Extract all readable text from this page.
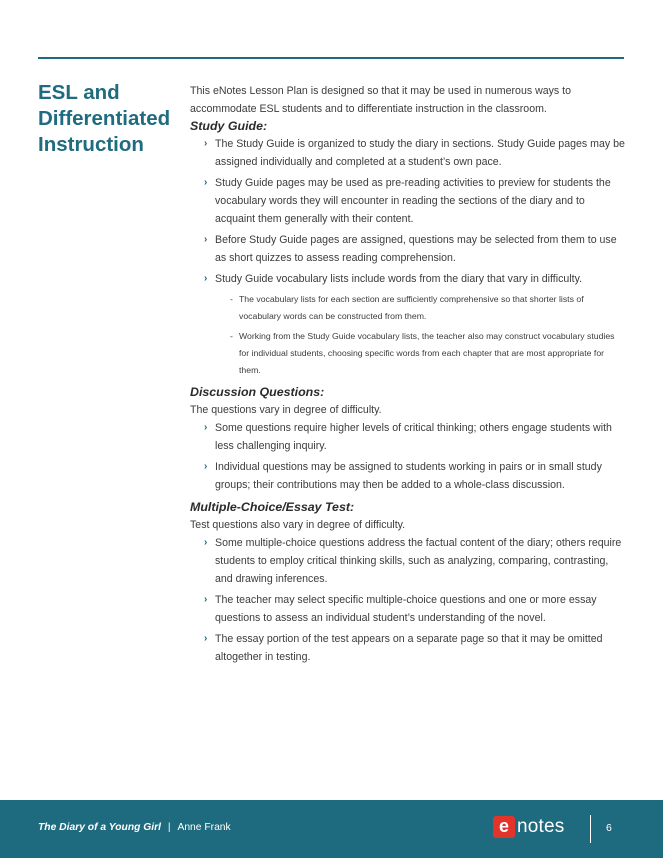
ESL and
Differentiated
Instruction

This eNotes Lesson Plan is designed so that it may be used in numerous ways to accommodate ESL students and to differentiate instruction in the classroom.

Study Guide:

› The Study Guide is organized to study the diary in sections. Study Guide pages may be assigned individually and completed at a student’s own pace.
› Study Guide pages may be used as pre-reading activities to preview for students the vocabulary words they will encounter in reading the sections of the diary and to acquaint them generally with their content.
› Before Study Guide pages are assigned, questions may be selected from them to use as short quizzes to assess reading comprehension.
› Study Guide vocabulary lists include words from the diary that vary in difficulty.
- The vocabulary lists for each section are sufficiently comprehensive so that shorter lists of vocabulary words can be constructed from them.
- Working from the Study Guide vocabulary lists, the teacher also may construct vocabulary studies for individual students, choosing specific words from each chapter that are most appropriate for them.

Discussion Questions:

The questions vary in degree of difficulty.

› Some questions require higher levels of critical thinking; others engage students with less challenging inquiry.
› Individual questions may be assigned to students working in pairs or in small study groups; their contributions may then be added to a whole-class discussion.

Multiple-Choice/Essay Test:

Test questions also vary in degree of difficulty.

› Some multiple-choice questions address the factual content of the diary; others require students to employ critical thinking skills, such as analyzing, comparing, contrasting, and drawing inferences.
› The teacher may select specific multiple-choice questions and one or more essay questions to assess an individual student’s understanding of the novel.
› The essay portion of the test appears on a separate page so that it may be omitted altogether in testing.
The Diary of a Young Girl | Anne Frank	e notes	6
